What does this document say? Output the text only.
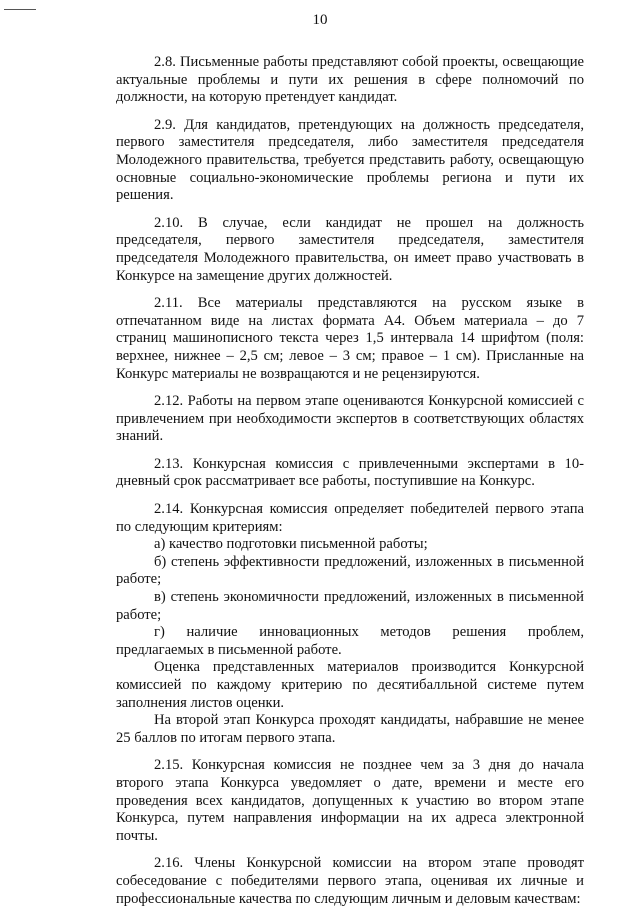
10

2.8. Письменные работы представляют собой проекты, освещающие актуальные проблемы и пути их решения в сфере полномочий по должности, на которую претендует кандидат.

2.9. Для кандидатов, претендующих на должность председателя, первого заместителя председателя, либо заместителя председателя Молодежного правительства, требуется представить работу, освещающую основные социально-экономические проблемы региона и пути их решения.

2.10. В случае, если кандидат не прошел на должность председателя, первого заместителя председателя, заместителя председателя Молодежного правительства, он имеет право участвовать в Конкурсе на замещение других должностей.

2.11. Все материалы представляются на русском языке в отпечатанном виде на листах формата А4. Объем материала – до 7 страниц машинописного текста через 1,5 интервала 14 шрифтом (поля: верхнее, нижнее – 2,5 см; левое – 3 см; правое – 1 см). Присланные на Конкурс материалы не возвращаются и не рецензируются.

2.12. Работы на первом этапе оцениваются Конкурсной комиссией с привлечением при необходимости экспертов в соответствующих областях знаний.

2.13. Конкурсная комиссия с привлеченными экспертами в 10-дневный срок рассматривает все работы, поступившие на Конкурс.

2.14. Конкурсная комиссия определяет победителей первого этапа по следующим критериям:

а) качество подготовки письменной работы;

б) степень эффективности предложений, изложенных в письменной работе;

в) степень экономичности предложений, изложенных в письменной работе;

г) наличие инновационных методов решения проблем, предлагаемых в письменной работе.

Оценка представленных материалов производится Конкурсной комиссией по каждому критерию по десятибалльной системе путем заполнения листов оценки.

На второй этап Конкурса проходят кандидаты, набравшие не менее 25 баллов по итогам первого этапа.

2.15. Конкурсная комиссия не позднее чем за 3 дня до начала второго этапа Конкурса уведомляет о дате, времени и месте его проведения всех кандидатов, допущенных к участию во втором этапе Конкурса, путем направления информации на их адреса электронной почты.

2.16. Члены Конкурсной комиссии на втором этапе проводят собеседование с победителями первого этапа, оценивая их личные и профессиональные качества по следующим личным и деловым качествам:
